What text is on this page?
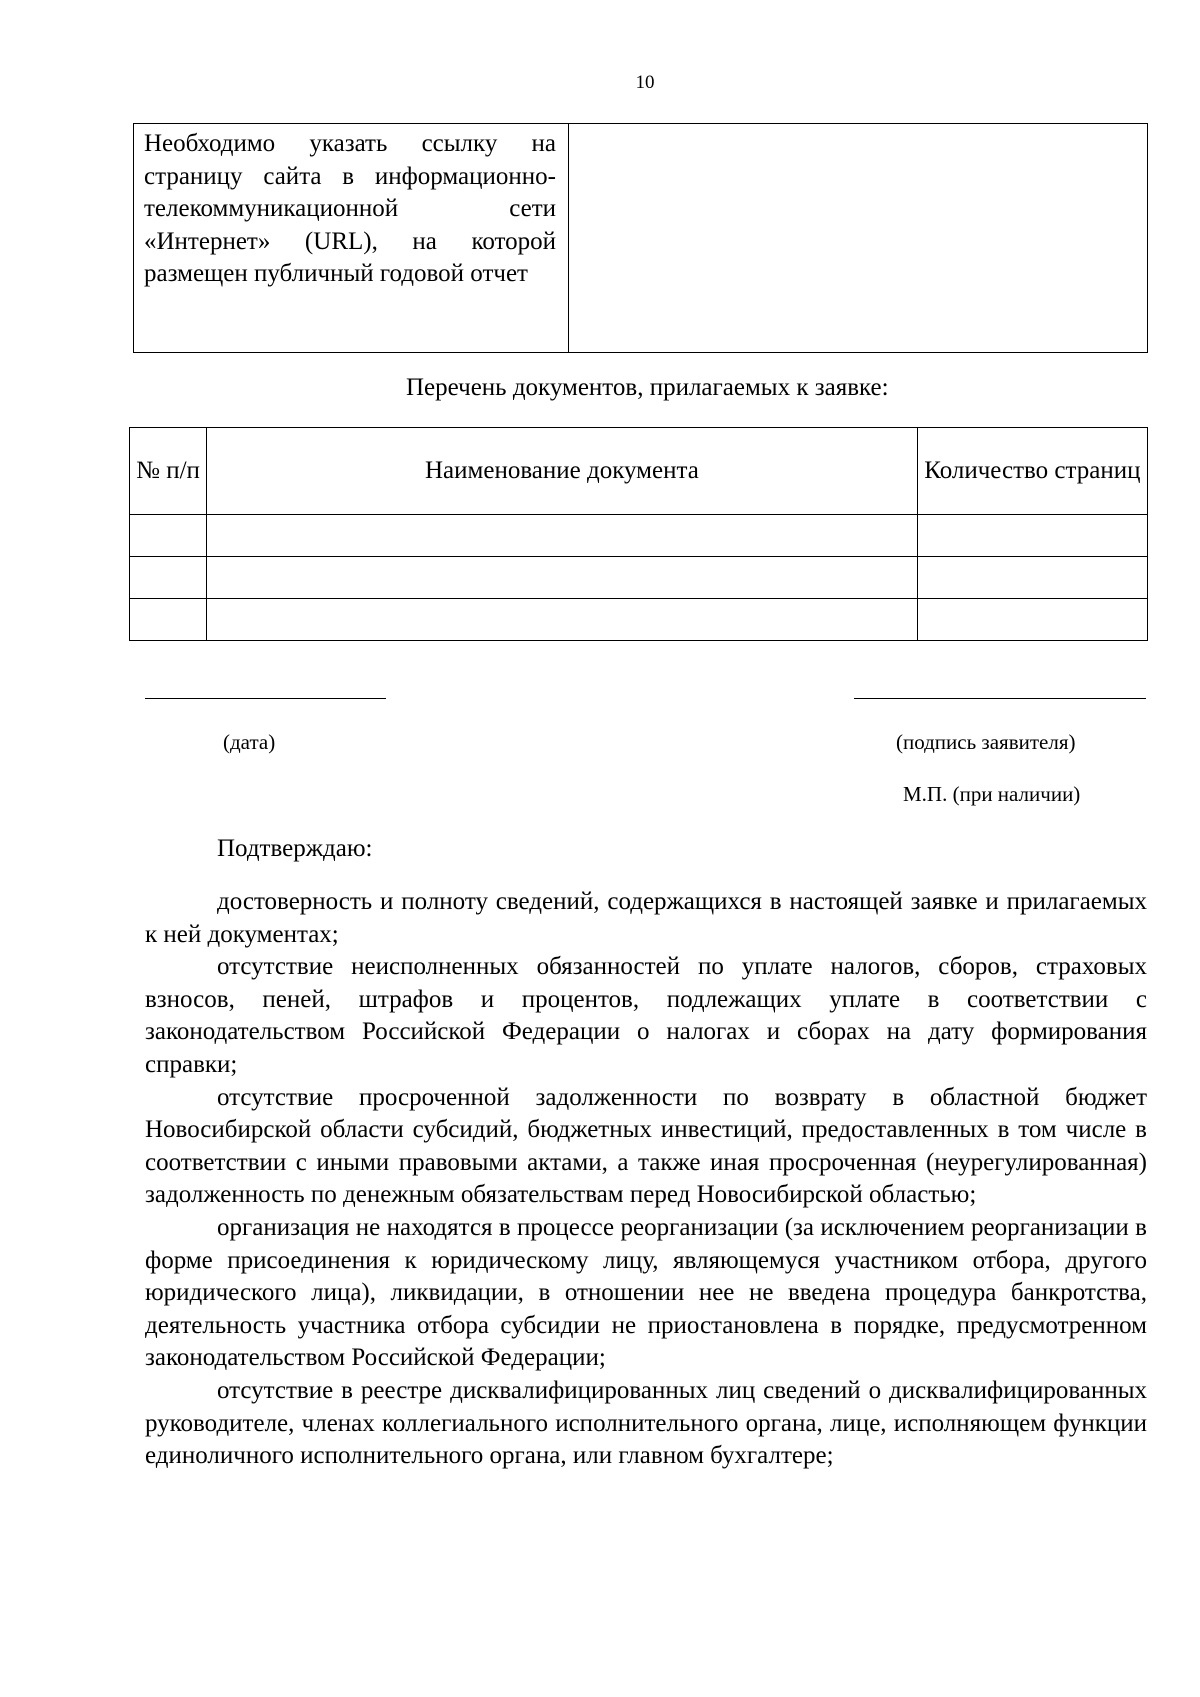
10
Необходимо указать ссылку на страницу сайта в информационно-телекоммуникационной сети «Интернет» (URL), на которой размещен публичный годовой отчет	
Перечень документов, прилагаемых к заявке:
№ п/п	Наименование документа	Количество страниц

(дата)	(подпись заявителя)
М.П. (при наличии)
Подтверждаю:

достоверность и полноту сведений, содержащихся в настоящей заявке и прилагаемых к ней документах;

отсутствие неисполненных обязанностей по уплате налогов, сборов, страховых взносов, пеней, штрафов и процентов, подлежащих уплате в соответствии с законодательством Российской Федерации о налогах и сборах на дату формирования справки;

отсутствие просроченной задолженности по возврату в областной бюджет Новосибирской области субсидий, бюджетных инвестиций, предоставленных в том числе в соответствии с иными правовыми актами, а также иная просроченная (неурегулированная) задолженность по денежным обязательствам перед Новосибирской областью;

организация не находятся в процессе реорганизации (за исключением реорганизации в форме присоединения к юридическому лицу, являющемуся участником отбора, другого юридического лица), ликвидации, в отношении нее не введена процедура банкротства, деятельность участника отбора субсидии не приостановлена в порядке, предусмотренном законодательством Российской Федерации;

отсутствие в реестре дисквалифицированных лиц сведений о дисквалифицированных руководителе, членах коллегиального исполнительного органа, лице, исполняющем функции единоличного исполнительного органа, или главном бухгалтере;
